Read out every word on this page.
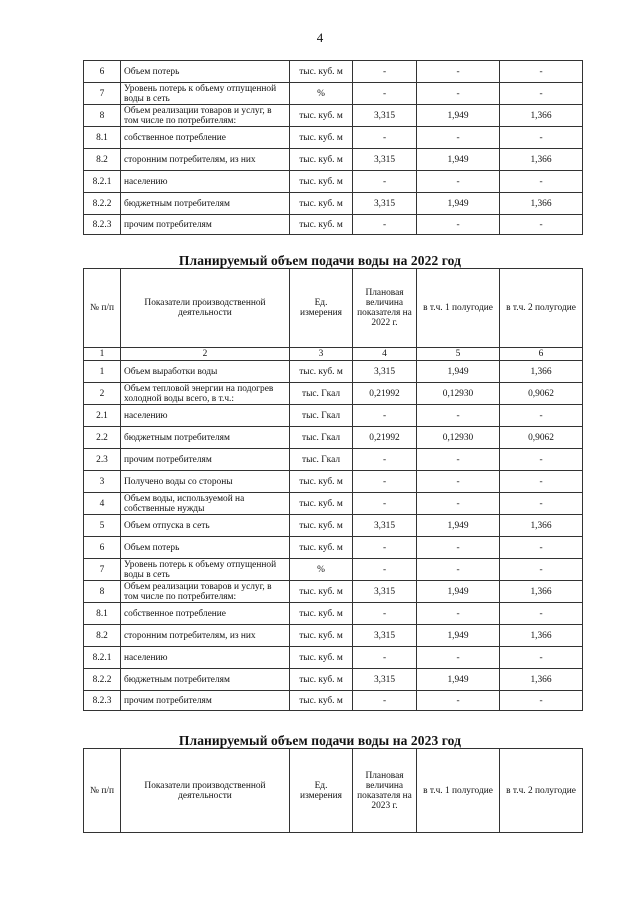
4
6	Объем потерь	тыс. куб. м	-	-	-
7	Уровень потерь к объему отпущенной воды в сеть	%	-	-	-
8	Объем реализации товаров и услуг, в том числе по потребителям:	тыс. куб. м	3,315	1,949	1,366
8.1	собственное потребление	тыс. куб. м	-	-	-
8.2	сторонним потребителям, из них	тыс. куб. м	3,315	1,949	1,366
8.2.1	населению	тыс. куб. м	-	-	-
8.2.2	бюджетным потребителям	тыс. куб. м	3,315	1,949	1,366
8.2.3	прочим потребителям	тыс. куб. м	-	-	-
Планируемый объем подачи воды на 2022 год
№ п/п	Показатели производственной деятельности	Ед. измерения	Плановая величина показателя на 2022 г.	в т.ч. 1 полугодие	в т.ч. 2 полугодие
1	2	3	4	5	6
1	Объем выработки воды	тыс. куб. м	3,315	1,949	1,366
2	Объем тепловой энергии на подогрев холодной воды всего, в т.ч.:	тыс. Гкал	0,21992	0,12930	0,9062
2.1	населению	тыс. Гкал	-	-	-
2.2	бюджетным потребителям	тыс. Гкал	0,21992	0,12930	0,9062
2.3	прочим потребителям	тыс. Гкал	-	-	-
3	Получено воды со стороны	тыс. куб. м	-	-	-
4	Объем воды, используемой на собственные нужды	тыс. куб. м	-	-	-
5	Объем отпуска в сеть	тыс. куб. м	3,315	1,949	1,366
6	Объем потерь	тыс. куб. м	-	-	-
7	Уровень потерь к объему отпущенной воды в сеть	%	-	-	-
8	Объем реализации товаров и услуг, в том числе по потребителям:	тыс. куб. м	3,315	1,949	1,366
8.1	собственное потребление	тыс. куб. м	-	-	-
8.2	сторонним потребителям, из них	тыс. куб. м	3,315	1,949	1,366
8.2.1	населению	тыс. куб. м	-	-	-
8.2.2	бюджетным потребителям	тыс. куб. м	3,315	1,949	1,366
8.2.3	прочим потребителям	тыс. куб. м	-	-	-
Планируемый объем подачи воды на 2023 год
№ п/п	Показатели производственной деятельности	Ед. измерения	Плановая величина показателя на 2023 г.	в т.ч. 1 полугодие	в т.ч. 2 полугодие
